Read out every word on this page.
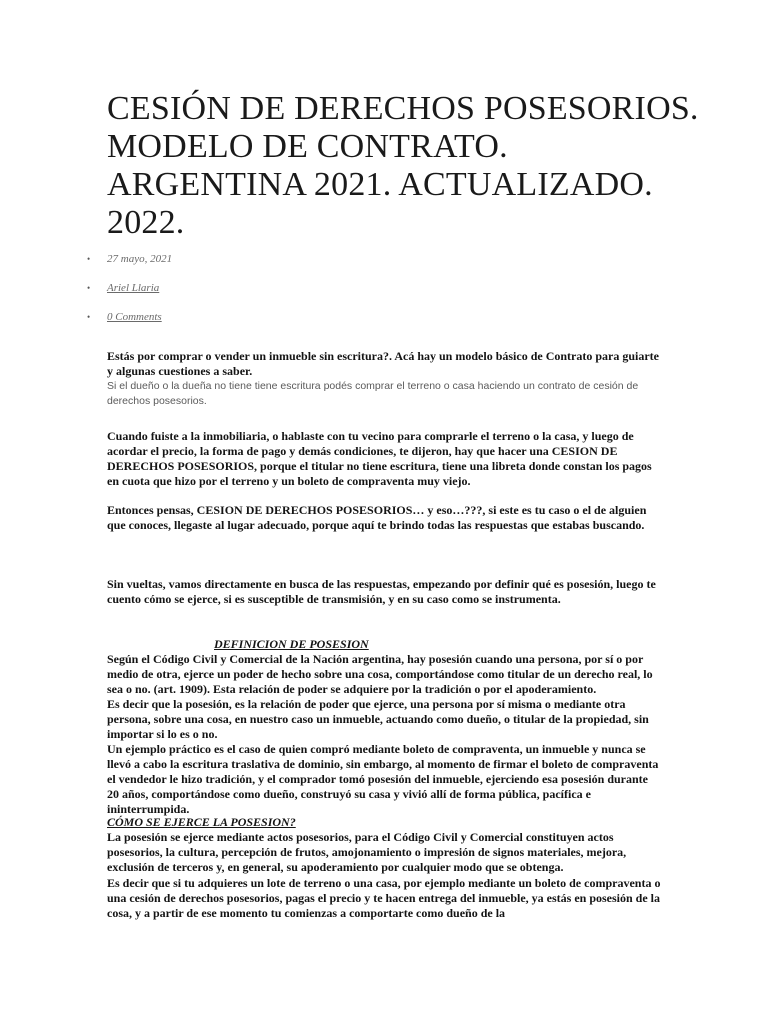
CESIÓN DE DERECHOS POSESORIOS. MODELO DE CONTRATO. ARGENTINA 2021. ACTUALIZADO. 2022.
• 27 mayo, 2021
• Ariel Llaria
• 0 Comments

Estás por comprar o vender un inmueble sin escritura?. Acá hay un modelo básico de Contrato para guiarte y algunas cuestiones a saber.

Si el dueño o la dueña no tiene tiene escritura podés comprar el terreno o casa haciendo un contrato de cesión de derechos posesorios.

Cuando fuiste a la inmobiliaria, o hablaste con tu vecino para comprarle el terreno o la casa, y luego de acordar el precio, la forma de pago y demás condiciones, te dijeron, hay que hacer una CESION DE DERECHOS POSESORIOS, porque el titular no tiene escritura, tiene una libreta donde constan los pagos en cuota que hizo por el terreno y un boleto de compraventa muy viejo.

Entonces pensas, CESION DE DERECHOS POSESORIOS… y eso…???, si este es tu caso o el de alguien que conoces, llegaste al lugar adecuado, porque aquí te brindo todas las respuestas que estabas buscando.

Sin vueltas, vamos directamente en busca de las respuestas, empezando por definir qué es posesión, luego te cuento cómo se ejerce, si es susceptible de transmisión, y en su caso como se instrumenta.

DEFINICION DE POSESION

Según el Código Civil y Comercial de la Nación argentina, hay posesión cuando una persona, por sí o por medio de otra, ejerce un poder de hecho sobre una cosa, comportándose como titular de un derecho real, lo sea o no. (art. 1909). Esta relación de poder se adquiere por la tradición o por el apoderamiento.

Es decir que la posesión, es la relación de poder que ejerce, una persona por sí misma o mediante otra persona, sobre una cosa, en nuestro caso un inmueble, actuando como dueño, o titular de la propiedad, sin importar si lo es o no.

Un ejemplo práctico es el caso de quien compró mediante boleto de compraventa, un inmueble y nunca se llevó a cabo la escritura traslativa de dominio, sin embargo, al momento de firmar el boleto de compraventa el vendedor le hizo tradición, y el comprador tomó posesión del inmueble, ejerciendo esa posesión durante 20 años, comportándose como dueño, construyó su casa y vivió allí de forma pública, pacífica e ininterrumpida.

CÓMO SE EJERCE LA POSESION?

La posesión se ejerce mediante actos posesorios, para el Código Civil y Comercial constituyen actos posesorios, la cultura, percepción de frutos, amojonamiento o impresión de signos materiales, mejora, exclusión de terceros y, en general, su apoderamiento por cualquier modo que se obtenga.

Es decir que si tu adquieres un lote de terreno o una casa, por ejemplo mediante un boleto de compraventa o una cesión de derechos posesorios, pagas el precio y te hacen entrega del inmueble, ya estás en posesión de la cosa, y a partir de ese momento tu comienzas a comportarte como dueño de la
